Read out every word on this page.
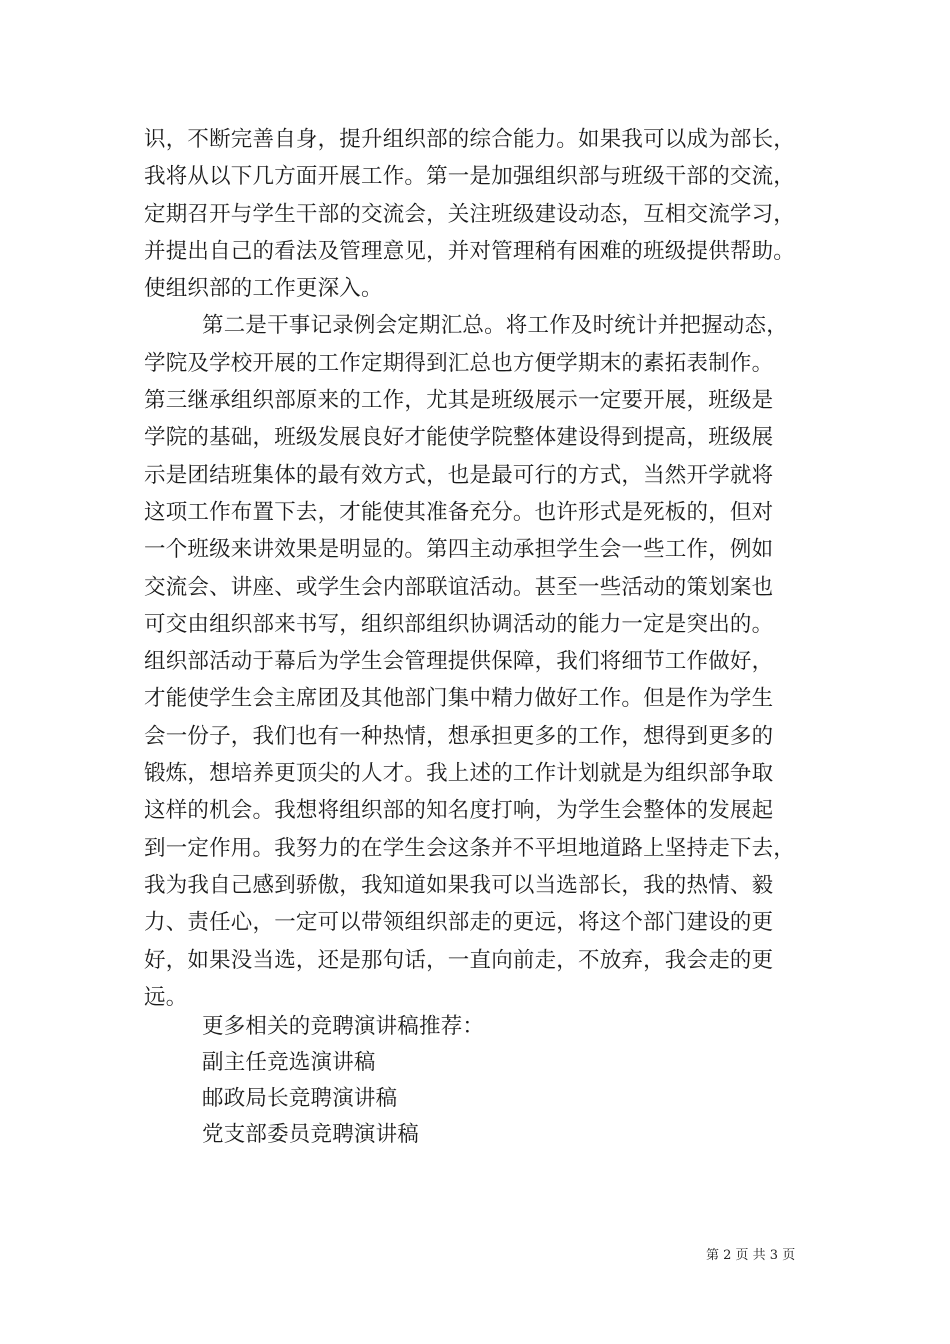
识，不断完善自身，提升组织部的综合能力。如果我可以成为部长，
我将从以下几方面开展工作。第一是加强组织部与班级干部的交流，
定期召开与学生干部的交流会，关注班级建设动态，互相交流学习，
并提出自己的看法及管理意见，并对管理稍有困难的班级提供帮助。
使组织部的工作更深入。
第二是干事记录例会定期汇总。将工作及时统计并把握动态，
学院及学校开展的工作定期得到汇总也方便学期末的素拓表制作。
第三继承组织部原来的工作，尤其是班级展示一定要开展，班级是
学院的基础，班级发展良好才能使学院整体建设得到提高，班级展
示是团结班集体的最有效方式，也是最可行的方式，当然开学就将
这项工作布置下去，才能使其准备充分。也许形式是死板的，但对
一个班级来讲效果是明显的。第四主动承担学生会一些工作，例如
交流会、讲座、或学生会内部联谊活动。甚至一些活动的策划案也
可交由组织部来书写，组织部组织协调活动的能力一定是突出的。
组织部活动于幕后为学生会管理提供保障，我们将细节工作做好，
才能使学生会主席团及其他部门集中精力做好工作。但是作为学生
会一份子，我们也有一种热情，想承担更多的工作，想得到更多的
锻炼，想培养更顶尖的人才。我上述的工作计划就是为组织部争取
这样的机会。我想将组织部的知名度打响，为学生会整体的发展起
到一定作用。我努力的在学生会这条并不平坦地道路上坚持走下去，
我为我自己感到骄傲，我知道如果我可以当选部长，我的热情、毅
力、责任心，一定可以带领组织部走的更远，将这个部门建设的更
好，如果没当选，还是那句话，一直向前走，不放弃，我会走的更
远。
更多相关的竞聘演讲稿推荐：
副主任竞选演讲稿
邮政局长竞聘演讲稿
党支部委员竞聘演讲稿
第 2 页 共 3 页
